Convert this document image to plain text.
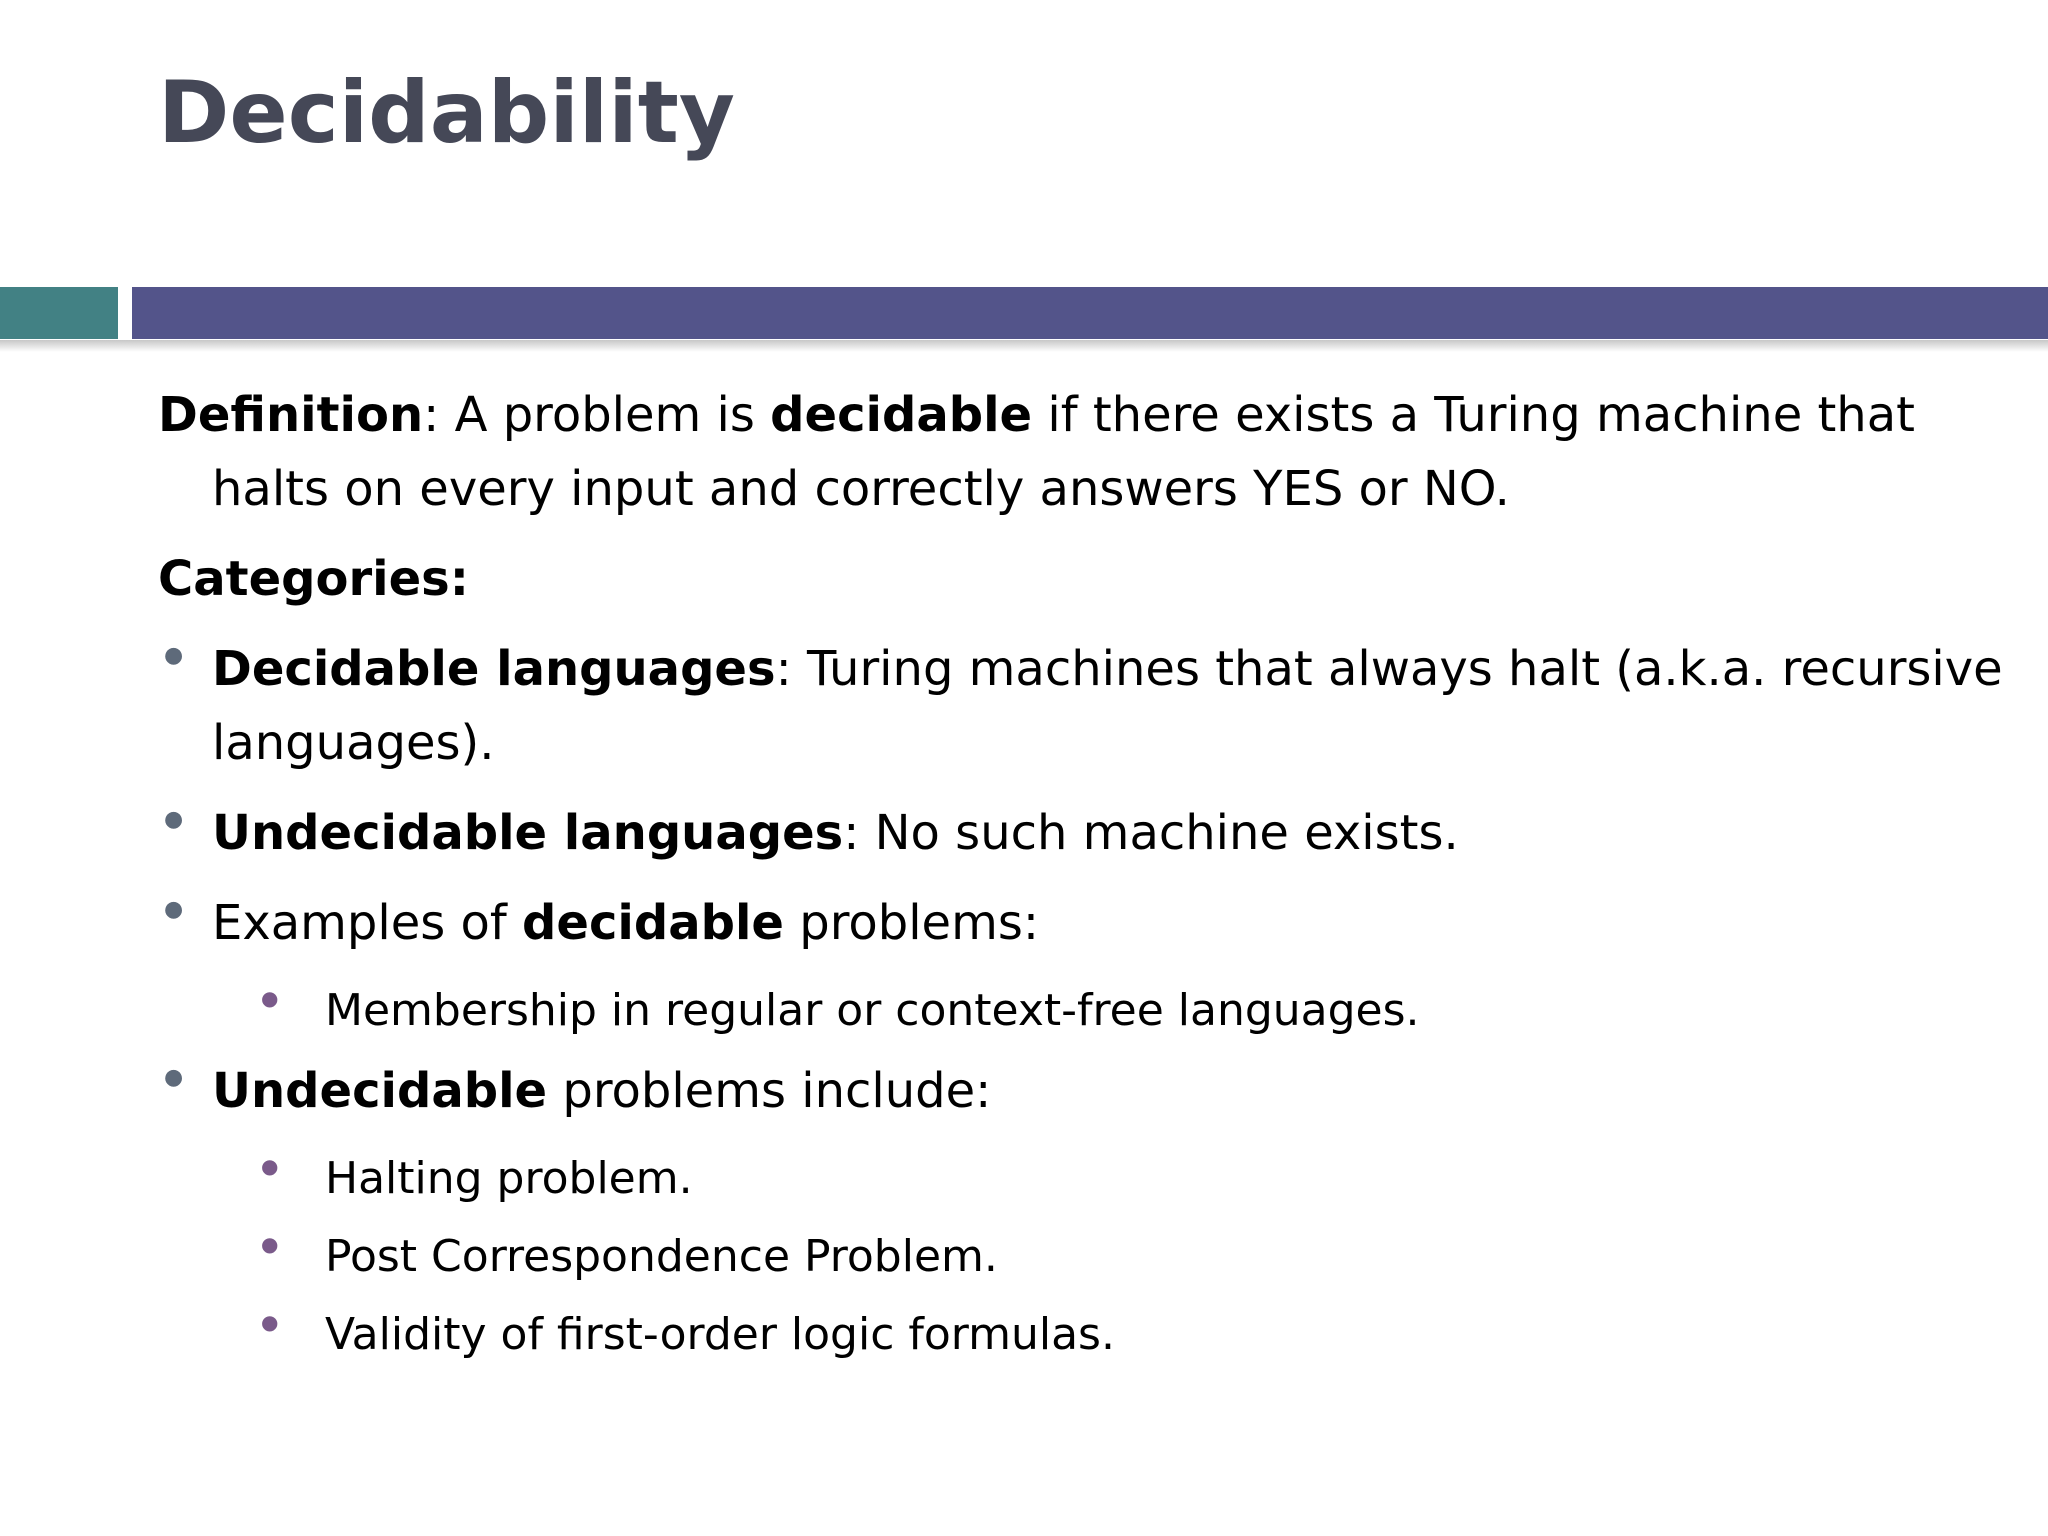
Decidability

Definition: A problem is decidable if there exists a Turing machine that halts on every input and correctly answers YES or NO.

Categories:

● Decidable languages: Turing machines that always halt (a.k.a. recursive languages).
● Undecidable languages: No such machine exists.
● Examples of decidable problems:
● Membership in regular or context-free languages.
● Undecidable problems include:
● Halting problem.
● Post Correspondence Problem.
● Validity of first-order logic formulas.
